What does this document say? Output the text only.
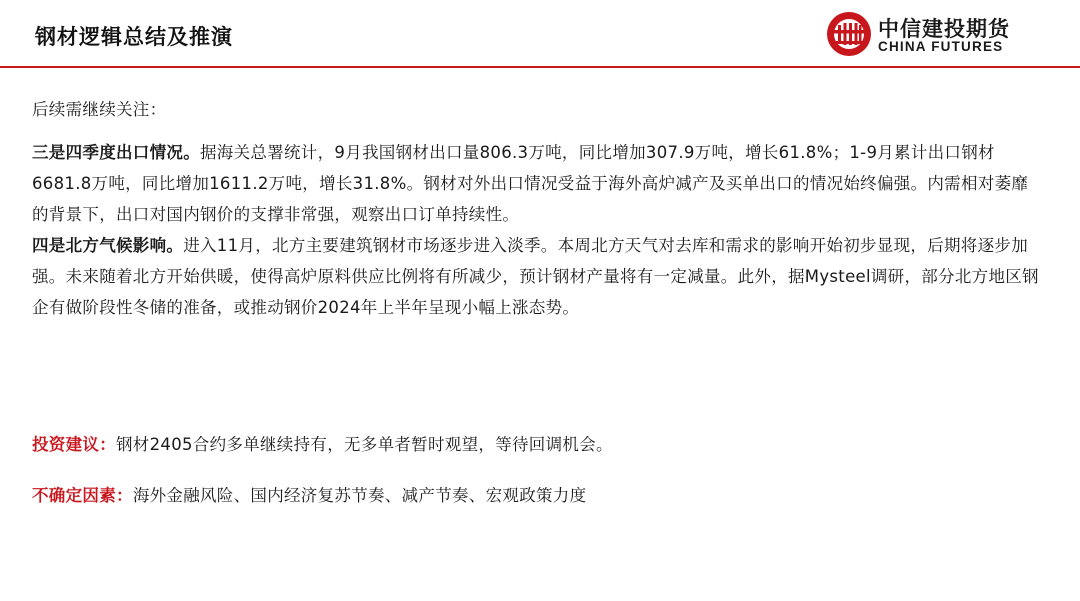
钢材逻辑总结及推演	中信建投期货
CHINA FUTURES

后续需继续关注：

三是四季度出口情况。据海关总署统计，9月我国钢材出口量806.3万吨，同比增加307.9万吨，增长61.8%；1-9月累计出口钢材6681.8万吨，同比增加1611.2万吨，增长31.8%。钢材对外出口情况受益于海外高炉减产及买单出口的情况始终偏强。内需相对萎靡的背景下，出口对国内钢价的支撑非常强，观察出口订单持续性。

四是北方气候影响。进入11月，北方主要建筑钢材市场逐步进入淡季。本周北方天气对去库和需求的影响开始初步显现，后期将逐步加强。未来随着北方开始供暖，使得高炉原料供应比例将有所减少，预计钢材产量将有一定减量。此外，据Mysteel调研，部分北方地区钢企有做阶段性冬储的准备，或推动钢价2024年上半年呈现小幅上涨态势。

投资建议：钢材2405合约多单继续持有，无多单者暂时观望，等待回调机会。
不确定因素：海外金融风险、国内经济复苏节奏、减产节奏、宏观政策力度
